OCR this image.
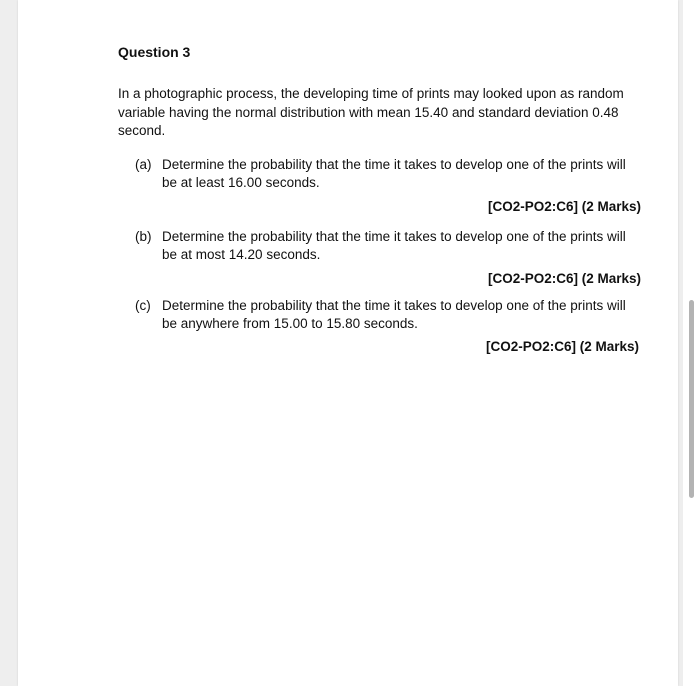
Question 3
In a photographic process, the developing time of prints may looked upon as random variable having the normal distribution with mean 15.40 and standard deviation 0.48 second.
(a) Determine the probability that the time it takes to develop one of the prints will be at least 16.00 seconds.
[CO2-PO2:C6] (2 Marks)
(b) Determine the probability that the time it takes to develop one of the prints will be at most 14.20 seconds.
[CO2-PO2:C6] (2 Marks)
(c) Determine the probability that the time it takes to develop one of the prints will be anywhere from 15.00 to 15.80 seconds.
[CO2-PO2:C6] (2 Marks)
